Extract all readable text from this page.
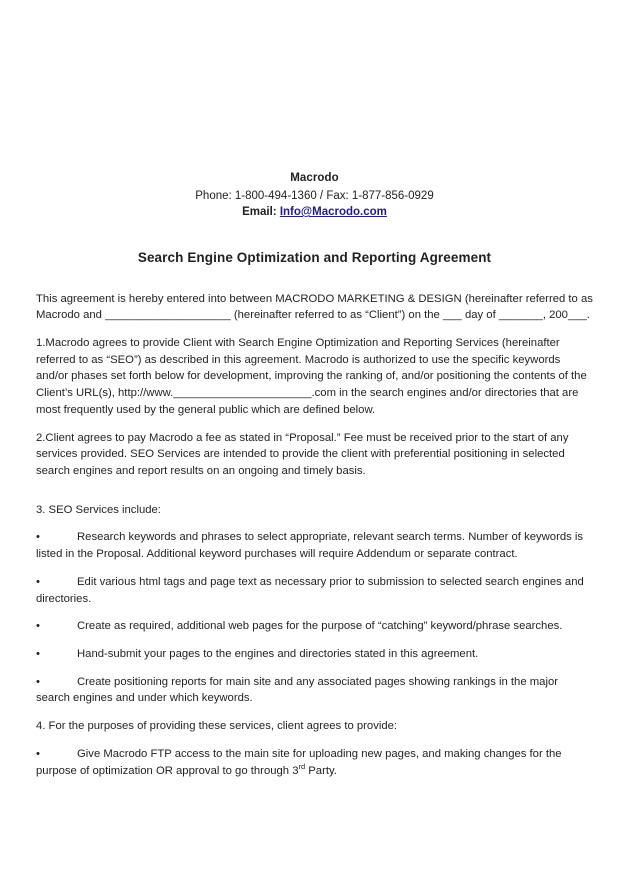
Macrodo
Phone: 1-800-494-1360 / Fax: 1-877-856-0929
Email: Info@Macrodo.com
Search Engine Optimization and Reporting Agreement

This agreement is hereby entered into between MACRODO MARKETING & DESIGN (hereinafter referred to as Macrodo and ____________________ (hereinafter referred to as “Client”) on the ___ day of _______, 200___.

1.Macrodo agrees to provide Client with Search Engine Optimization and Reporting Services (hereinafter referred to as “SEO”) as described in this agreement. Macrodo is authorized to use the specific keywords and/or phases set forth below for development, improving the ranking of, and/or positioning the contents of the Client’s URL(s), http://www.______________________.com in the search engines and/or directories that are most frequently used by the general public which are defined below.

2.Client agrees to pay Macrodo a fee as stated in “Proposal.” Fee must be received prior to the start of any services provided. SEO Services are intended to provide the client with preferential positioning in selected search engines and report results on an ongoing and timely basis.

3. SEO Services include:

•	Research keywords and phrases to select appropriate, relevant search terms. Number of keywords is listed in the Proposal. Additional keyword purchases will require Addendum or separate contract.

•	Edit various html tags and page text as necessary prior to submission to selected search engines and directories.

•	Create as required, additional web pages for the purpose of “catching” keyword/phrase searches.

•	Hand-submit your pages to the engines and directories stated in this agreement.

•	Create positioning reports for main site and any associated pages showing rankings in the major search engines and under which keywords.

4. For the purposes of providing these services, client agrees to provide:

•	Give Macrodo FTP access to the main site for uploading new pages, and making changes for the purpose of optimization OR approval to go through 3rd Party.
